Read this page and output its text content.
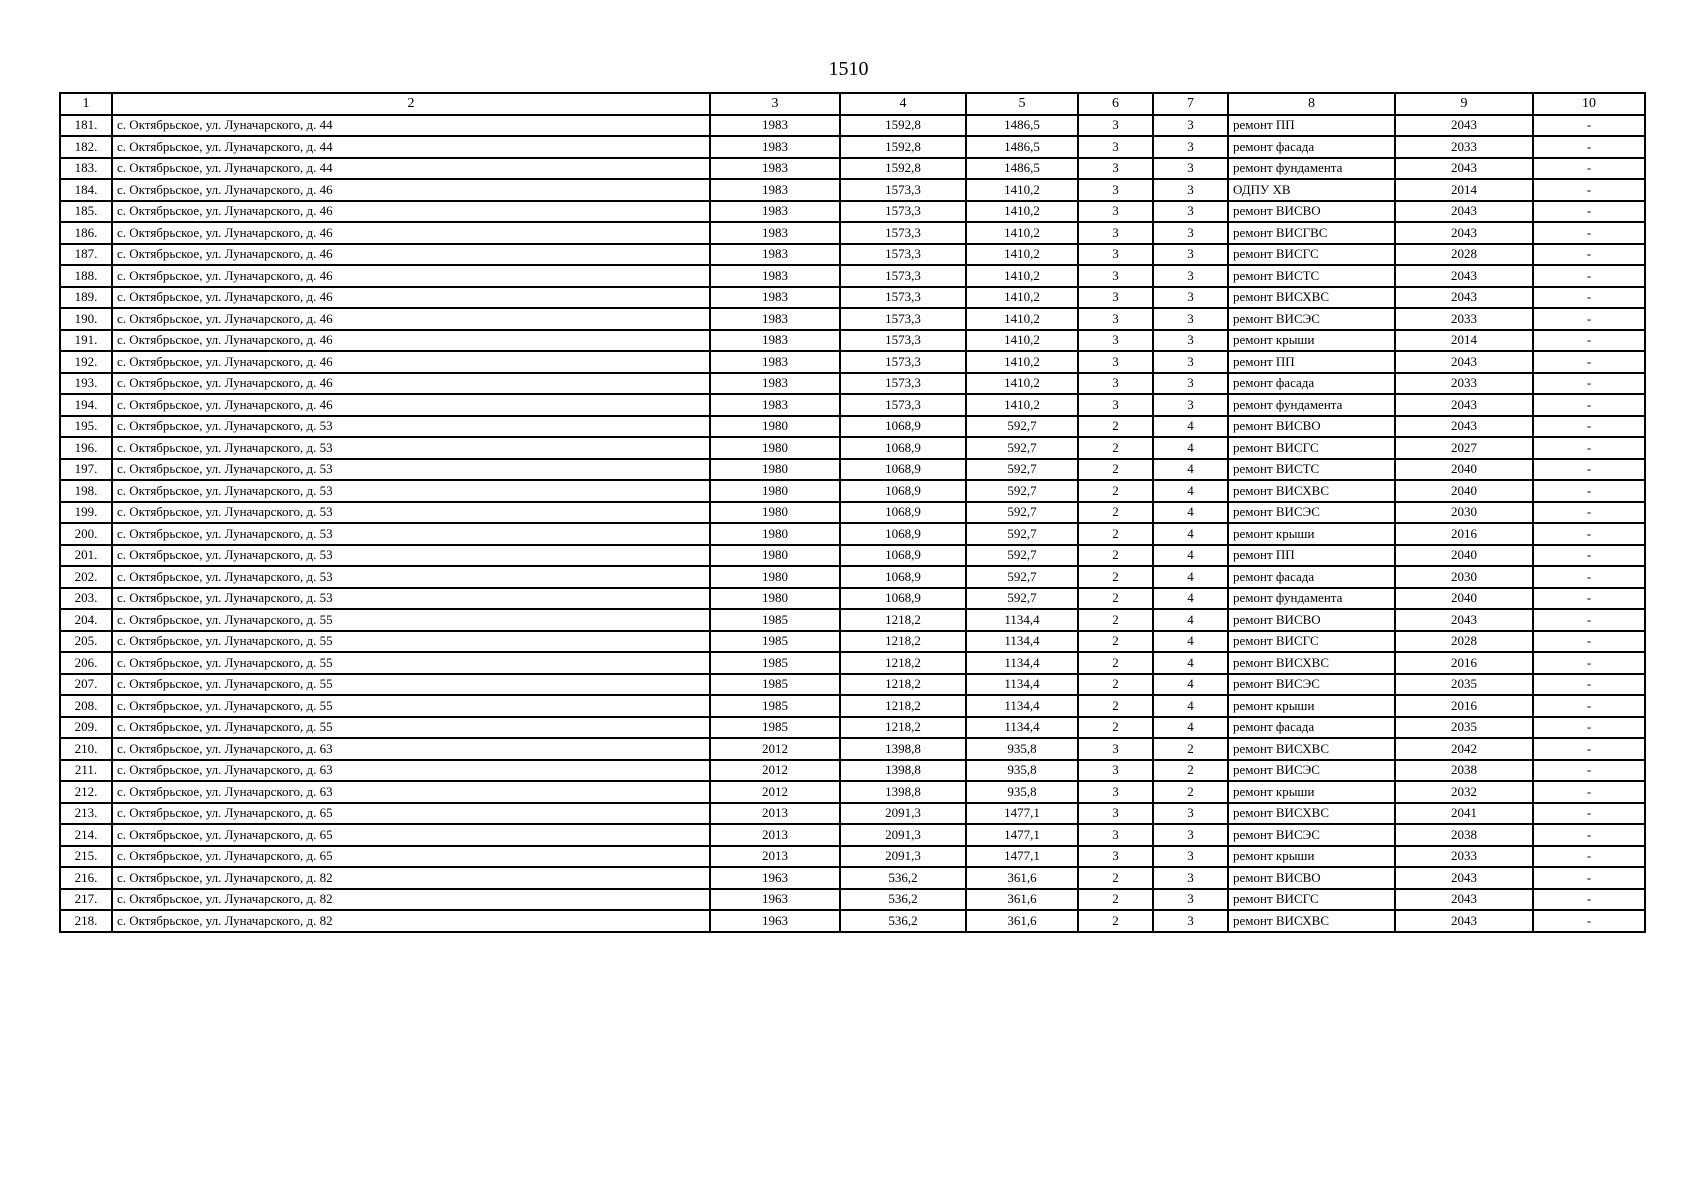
1510
1	2	3	4	5	6	7	8	9	10
181.	с. Октябрьское, ул. Луначарского, д. 44	1983	1592,8	1486,5	3	3	ремонт ПП	2043	-
182.	с. Октябрьское, ул. Луначарского, д. 44	1983	1592,8	1486,5	3	3	ремонт фасада	2033	-
183.	с. Октябрьское, ул. Луначарского, д. 44	1983	1592,8	1486,5	3	3	ремонт фундамента	2043	-
184.	с. Октябрьское, ул. Луначарского, д. 46	1983	1573,3	1410,2	3	3	ОДПУ ХВ	2014	-
185.	с. Октябрьское, ул. Луначарского, д. 46	1983	1573,3	1410,2	3	3	ремонт ВИСВО	2043	-
186.	с. Октябрьское, ул. Луначарского, д. 46	1983	1573,3	1410,2	3	3	ремонт ВИСГВС	2043	-
187.	с. Октябрьское, ул. Луначарского, д. 46	1983	1573,3	1410,2	3	3	ремонт ВИСГС	2028	-
188.	с. Октябрьское, ул. Луначарского, д. 46	1983	1573,3	1410,2	3	3	ремонт ВИСТС	2043	-
189.	с. Октябрьское, ул. Луначарского, д. 46	1983	1573,3	1410,2	3	3	ремонт ВИСХВС	2043	-
190.	с. Октябрьское, ул. Луначарского, д. 46	1983	1573,3	1410,2	3	3	ремонт ВИСЭС	2033	-
191.	с. Октябрьское, ул. Луначарского, д. 46	1983	1573,3	1410,2	3	3	ремонт крыши	2014	-
192.	с. Октябрьское, ул. Луначарского, д. 46	1983	1573,3	1410,2	3	3	ремонт ПП	2043	-
193.	с. Октябрьское, ул. Луначарского, д. 46	1983	1573,3	1410,2	3	3	ремонт фасада	2033	-
194.	с. Октябрьское, ул. Луначарского, д. 46	1983	1573,3	1410,2	3	3	ремонт фундамента	2043	-
195.	с. Октябрьское, ул. Луначарского, д. 53	1980	1068,9	592,7	2	4	ремонт ВИСВО	2043	-
196.	с. Октябрьское, ул. Луначарского, д. 53	1980	1068,9	592,7	2	4	ремонт ВИСГС	2027	-
197.	с. Октябрьское, ул. Луначарского, д. 53	1980	1068,9	592,7	2	4	ремонт ВИСТС	2040	-
198.	с. Октябрьское, ул. Луначарского, д. 53	1980	1068,9	592,7	2	4	ремонт ВИСХВС	2040	-
199.	с. Октябрьское, ул. Луначарского, д. 53	1980	1068,9	592,7	2	4	ремонт ВИСЭС	2030	-
200.	с. Октябрьское, ул. Луначарского, д. 53	1980	1068,9	592,7	2	4	ремонт крыши	2016	-
201.	с. Октябрьское, ул. Луначарского, д. 53	1980	1068,9	592,7	2	4	ремонт ПП	2040	-
202.	с. Октябрьское, ул. Луначарского, д. 53	1980	1068,9	592,7	2	4	ремонт фасада	2030	-
203.	с. Октябрьское, ул. Луначарского, д. 53	1980	1068,9	592,7	2	4	ремонт фундамента	2040	-
204.	с. Октябрьское, ул. Луначарского, д. 55	1985	1218,2	1134,4	2	4	ремонт ВИСВО	2043	-
205.	с. Октябрьское, ул. Луначарского, д. 55	1985	1218,2	1134,4	2	4	ремонт ВИСГС	2028	-
206.	с. Октябрьское, ул. Луначарского, д. 55	1985	1218,2	1134,4	2	4	ремонт ВИСХВС	2016	-
207.	с. Октябрьское, ул. Луначарского, д. 55	1985	1218,2	1134,4	2	4	ремонт ВИСЭС	2035	-
208.	с. Октябрьское, ул. Луначарского, д. 55	1985	1218,2	1134,4	2	4	ремонт крыши	2016	-
209.	с. Октябрьское, ул. Луначарского, д. 55	1985	1218,2	1134,4	2	4	ремонт фасада	2035	-
210.	с. Октябрьское, ул. Луначарского, д. 63	2012	1398,8	935,8	3	2	ремонт ВИСХВС	2042	-
211.	с. Октябрьское, ул. Луначарского, д. 63	2012	1398,8	935,8	3	2	ремонт ВИСЭС	2038	-
212.	с. Октябрьское, ул. Луначарского, д. 63	2012	1398,8	935,8	3	2	ремонт крыши	2032	-
213.	с. Октябрьское, ул. Луначарского, д. 65	2013	2091,3	1477,1	3	3	ремонт ВИСХВС	2041	-
214.	с. Октябрьское, ул. Луначарского, д. 65	2013	2091,3	1477,1	3	3	ремонт ВИСЭС	2038	-
215.	с. Октябрьское, ул. Луначарского, д. 65	2013	2091,3	1477,1	3	3	ремонт крыши	2033	-
216.	с. Октябрьское, ул. Луначарского, д. 82	1963	536,2	361,6	2	3	ремонт ВИСВО	2043	-
217.	с. Октябрьское, ул. Луначарского, д. 82	1963	536,2	361,6	2	3	ремонт ВИСГС	2043	-
218.	с. Октябрьское, ул. Луначарского, д. 82	1963	536,2	361,6	2	3	ремонт ВИСХВС	2043	-
